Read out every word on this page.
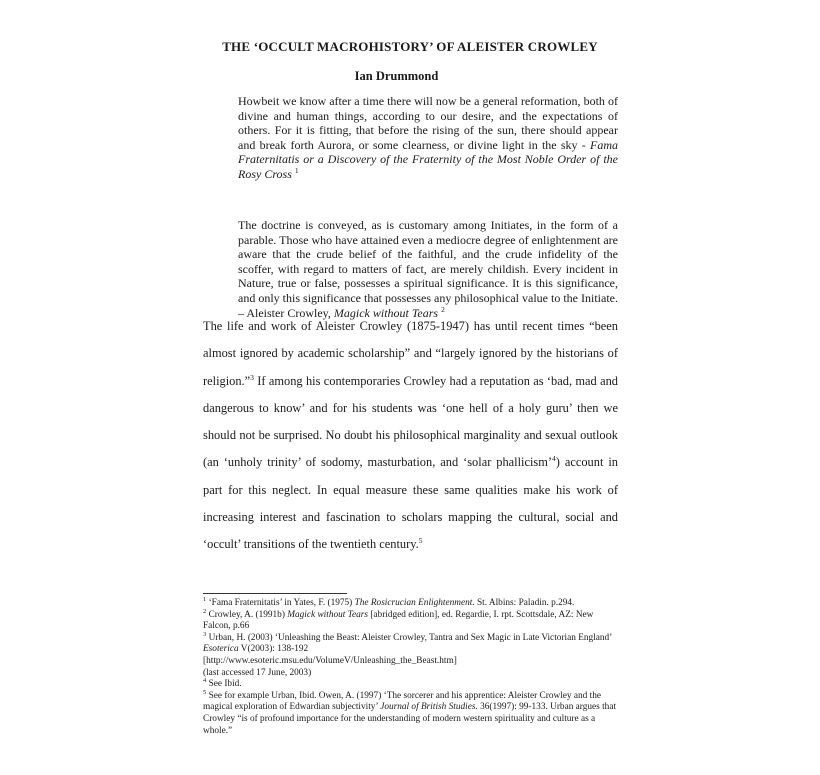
THE ‘OCCULT MACROHISTORY’ OF ALEISTER CROWLEY
Ian Drummond
Howbeit we know after a time there will now be a general reformation, both of divine and human things, according to our desire, and the expectations of others. For it is fitting, that before the rising of the sun, there should appear and break forth Aurora, or some clearness, or divine light in the sky - Fama Fraternitatis or a Discovery of the Fraternity of the Most Noble Order of the Rosy Cross $^1$
The doctrine is conveyed, as is customary among Initiates, in the form of a parable. Those who have attained even a mediocre degree of enlightenment are aware that the crude belief of the faithful, and the crude infidelity of the scoffer, with regard to matters of fact, are merely childish. Every incident in Nature, true or false, possesses a spiritual significance. It is this significance, and only this significance that possesses any philosophical value to the Initiate. – Aleister Crowley, Magick without Tears $^2$
The life and work of Aleister Crowley (1875-1947) has until recent times “been almost ignored by academic scholarship” and “largely ignored by the historians of religion.”$^3$ If among his contemporaries Crowley had a reputation as ‘bad, mad and dangerous to know’ and for his students was ‘one hell of a holy guru’ then we should not be surprised. No doubt his philosophical marginality and sexual outlook (an ‘unholy trinity’ of sodomy, masturbation, and ‘solar phallicism’$^4$) account in part for this neglect. In equal measure these same qualities make his work of increasing interest and fascination to scholars mapping the cultural, social and ‘occult’ transitions of the twentieth century.$^5$

$^1$ ‘Fama Fraternitatis’ in Yates, F. (1975) The Rosicrucian Enlightenment. St. Albins: Paladin. p.294.

$^2$ Crowley, A. (1991b) Magick without Tears [abridged edition], ed. Regardie, I. rpt. Scottsdale, AZ: New Falcon, p.66

$^3$ Urban, H. (2003) ‘Unleashing the Beast: Aleister Crowley, Tantra and Sex Magic in Late Victorian England’ Esoterica V(2003): 138-192
[http://www.esoteric.msu.edu/VolumeV/Unleashing_the_Beast.htm]
(last accessed 17 June, 2003)

$^4$ See Ibid.

$^5$ See for example Urban, Ibid. Owen, A. (1997) ‘The sorcerer and his apprentice: Aleister Crowley and the magical exploration of Edwardian subjectivity’ Journal of British Studies. 36(1997): 99-133. Urban argues that Crowley “is of profound importance for the understanding of modern western spirituality and culture as a whole.”
